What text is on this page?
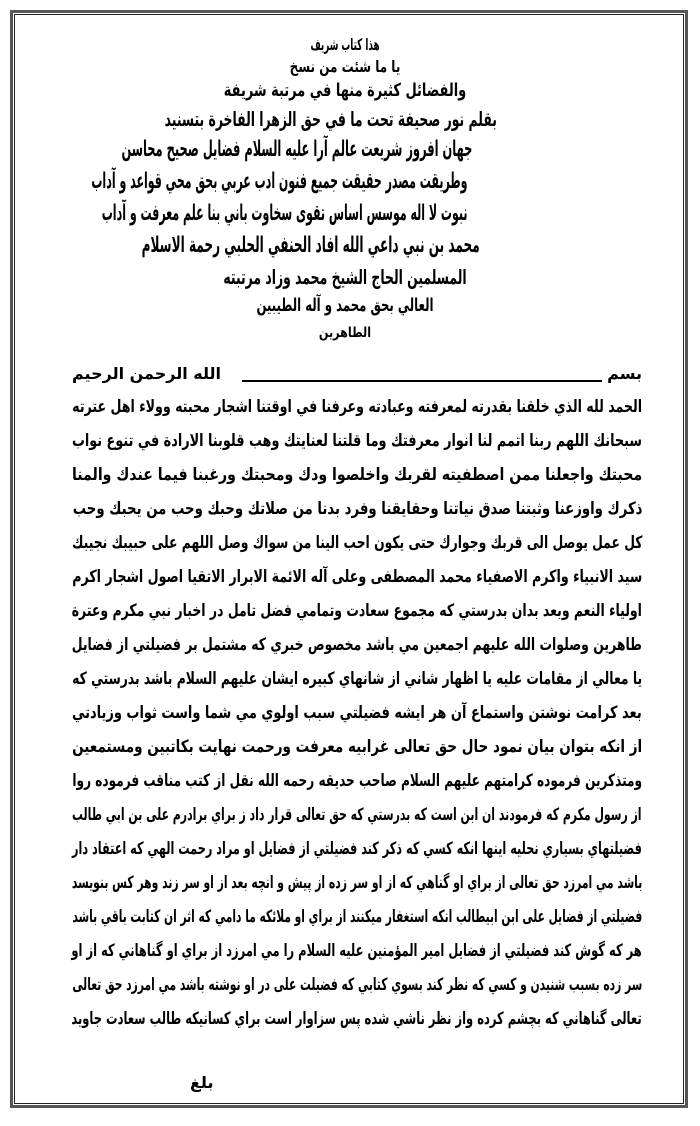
هذا كتاب شريف
يا ما شئت من نسخ
والفضائل كثيرة منها في مرتبة شريفة
بقلم نور صحيفة تحت ما في حق الزهرا الفاخرة بتسنيد
جهان افروز شريعت عالم آرا عليه السلام فضايل صحيح محاسن
وطريقت مصدر حقيقت جميع فنون ادب عربي بحق محي قواعد و آداب
نبوت لا اله موسس اساس تقوى سخاوت باني بنا علم معرفت و آداب
محمد بن نبي داعي الله افاد الحنفي الحلبي رحمة الاسلام
المسلمين الحاج الشيخ محمد وزاد مرتبته
العالي بحق محمد و آله الطيبين
الطاهرين
بسم
الله الرحمن الرحيم
الحمد لله الذي خلقنا بقدرته لمعرفته وعبادته وعرفنا في اوقتنا اشجار محبته وولاء اهل عترته
سبحانك اللهم ربنا اتمم لنا انوار معرفتك وما قلتنا لعنايتك وهب قلوبنا الارادة في تنوع نواب
محبتك واجعلنا ممن اصطفيته لقربك واخلصوا ودك ومحبتك ورغبنا فيما عندك والمنا
ذكرك واوزعنا وثبتنا صدق نياتنا وحقايقنا وفرد بدنا من صلاتك وحبك وحب من يحبك وحب
كل عمل يوصل الى قربك وجوارك حتى يكون احب الينا من سواك وصل اللهم على حبيبك نجيبك
سيد الانبياء واكرم الاصفياء محمد المصطفى وعلى آله الائمة الابرار الاتقيا اصول اشجار اكرم
اولياء النعم وبعد بدان بدرستي كه مجموع سعادت وتمامي فضل تامل در اخبار نبي مكرم وعترة
طاهرين وصلوات الله عليهم اجمعين مي باشد مخصوص خبري كه مشتمل بر فضيلتي از فضايل
يا معالي از مقامات عليه يا اظهار شاني از شانهاي كبيره ايشان عليهم السلام باشد بدرستي كه
بعد كرامت نوشتن واستماع آن هر ايشه فضيلتي سبب اولوي مي شما واست ثواب وزيادتي
از انكه بتوان بيان نمود حال حق تعالى غرابيه معرفت ورحمت نهايت بكاتبين ومستمعين
ومتذكرين فرموده كرامتهم عليهم السلام صاحب حديقه رحمه الله نقل از كتب مناقب فرموده روا
از رسول مكرم كه فرمودند ان ابن است كه بدرستي كه حق تعالى قرار داد ز براي برادرم على بن ابي طالب
فضيلتهاي بسياري نحليه اينها انكه كسي كه ذكر كند فضيلتي از فضايل او مراد رحمت الهي كه اعتقاد دار
باشد مي امرزد حق تعالى از براي او گناهي كه از او سر زده از پيش و انچه بعد از او سر زند وهر كس بنويسد
فضيلتي از فضايل على ابن ابيطالب انكه استغفار ميكنند از براي او ملائكه ما دامي كه اثر ان كتابت باقي باشد
هر كه گوش كند فضيلتي از فضايل امير المؤمنين عليه السلام را مي امرزد از براي او گناهاني كه از او
سر زده بسبب شنيدن و كسي كه نظر كند بسوي كتابي كه فضيلت على در او نوشته باشد مي امرزد حق تعالى
تعالى گناهاني كه بچشم كرده واز نظر ناشي شده پس سزاوار است براي كسانيكه طالب سعادت جاويد
بلغ
